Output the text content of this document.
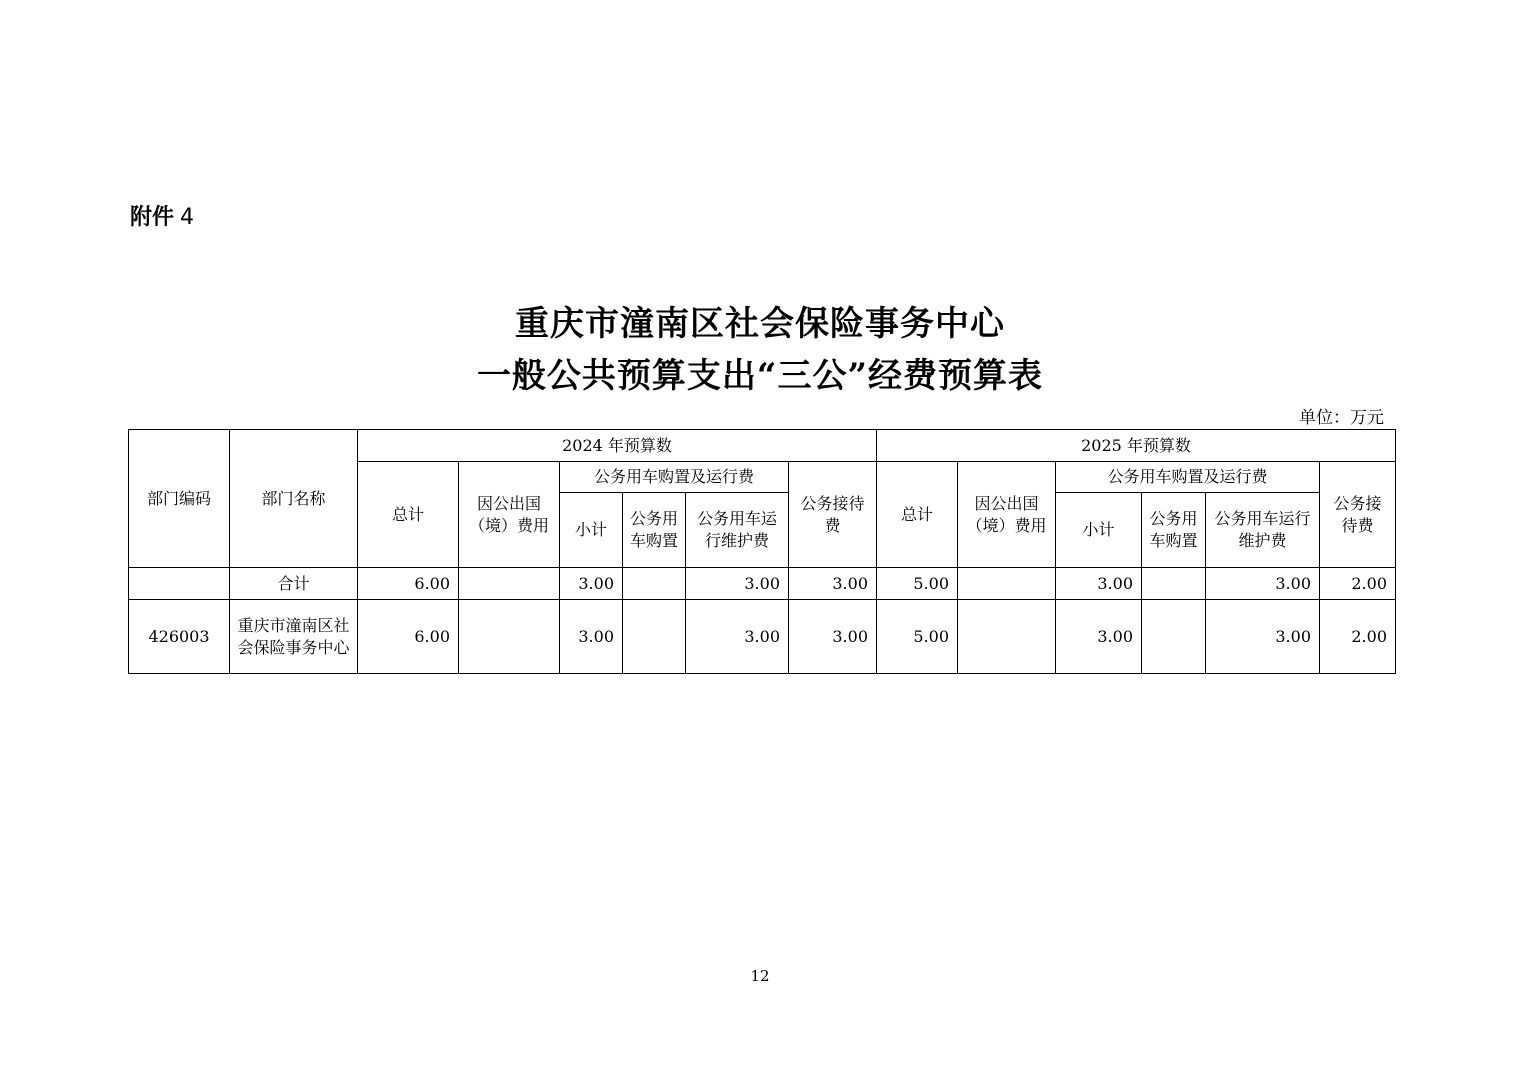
附件 4
重庆市潼南区社会保险事务中心
一般公共预算支出“三公”经费预算表
单位：万元
部门编码	部门名称	2024 年预算数						2025 年预算数					
		总计	因公出国（境）费用	公务用车购置及运行费			公务接待费	总计	因公出国（境）费用	公务用车购置及运行费			公务接待费
				小计	公务用车购置	公务用车运行维护费				小计	公务用车购置	公务用车运行维护费	
	合计	6.00		3.00		3.00	3.00	5.00		3.00		3.00	2.00
426003	重庆市潼南区社会保险事务中心	6.00		3.00		3.00	3.00	5.00		3.00		3.00	2.00
12
